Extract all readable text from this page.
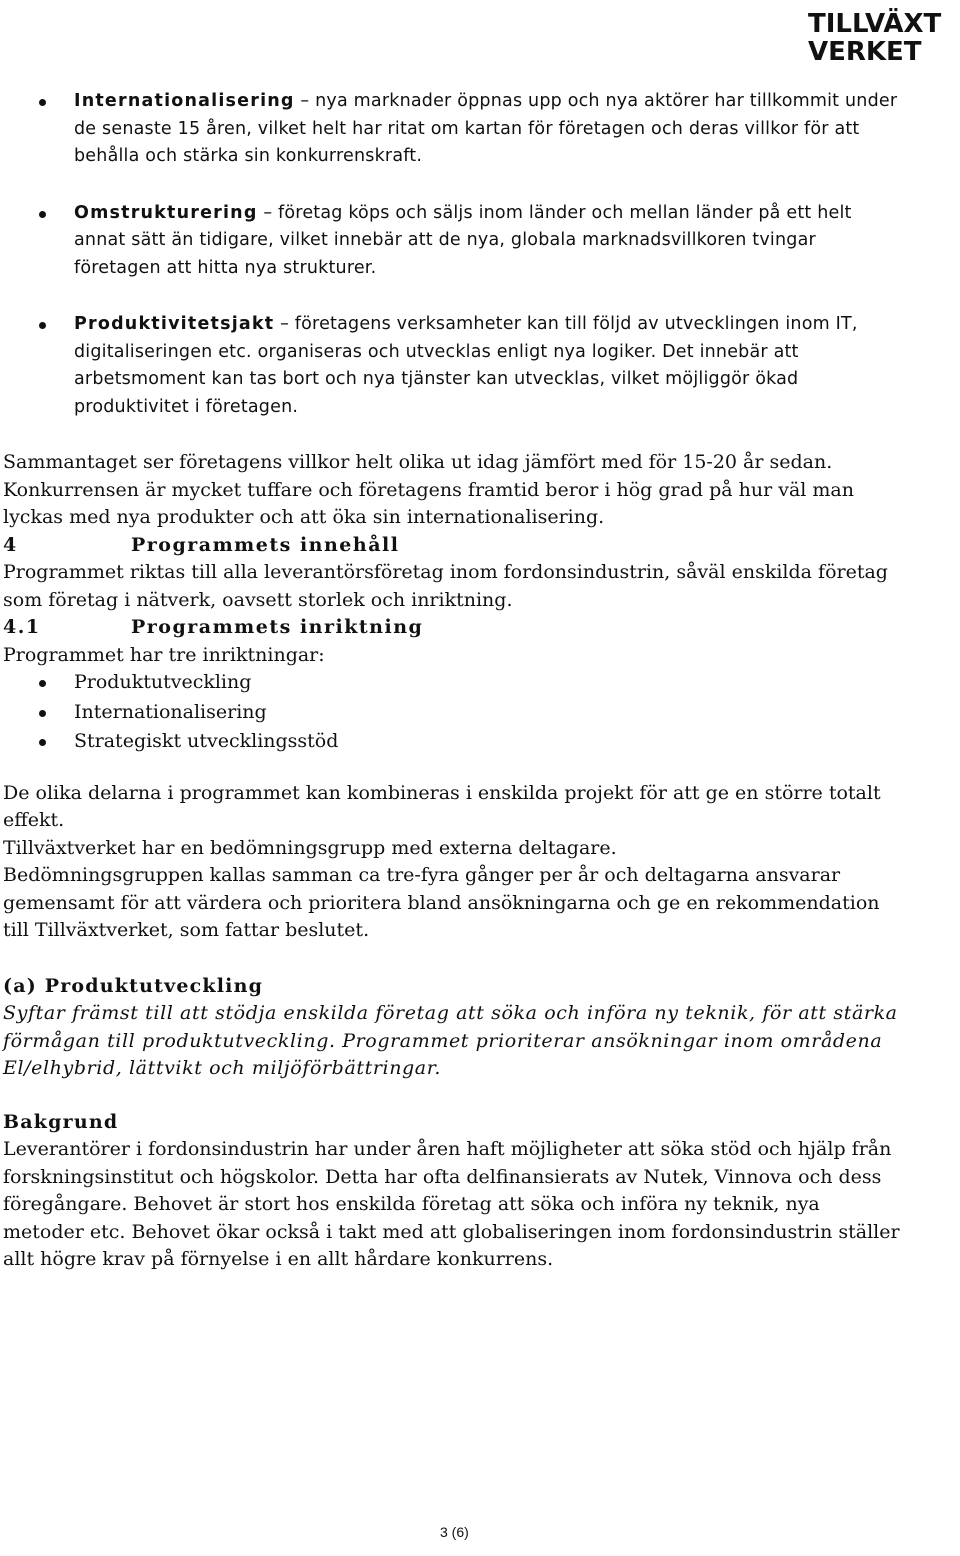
TILLVÄXT
VERKET
Internationalisering – nya marknader öppnas upp och nya aktörer har tillkommit under de senaste 15 åren, vilket helt har ritat om kartan för företagen och deras villkor för att behålla och stärka sin konkurrenskraft.
Omstrukturering – företag köps och säljs inom länder och mellan länder på ett helt annat sätt än tidigare, vilket innebär att de nya, globala marknadsvillkoren tvingar företagen att hitta nya strukturer.
Produktivitetsjakt – företagens verksamheter kan till följd av utvecklingen inom IT, digitaliseringen etc. organiseras och utvecklas enligt nya logiker. Det innebär att arbetsmoment kan tas bort och nya tjänster kan utvecklas, vilket möjliggör ökad produktivitet i företagen.

Sammantaget ser företagens villkor helt olika ut idag jämfört med för 15-20 år sedan. Konkurrensen är mycket tuffare och företagens framtid beror i hög grad på hur väl man lyckas med nya produkter och att öka sin internationalisering.

4	Programmets innehåll

Programmet riktas till alla leverantörsföretag inom fordonsindustrin, såväl enskilda företag som företag i nätverk, oavsett storlek och inriktning.

4.1	Programmets inriktning

Programmet har tre inriktningar:

Produktutveckling
Internationalisering
Strategiskt utvecklingsstöd

De olika delarna i programmet kan kombineras i enskilda projekt för att ge en större totalt effekt.

Tillväxtverket har en bedömningsgrupp med externa deltagare.

Bedömningsgruppen kallas samman ca tre-fyra gånger per år och deltagarna ansvarar gemensamt för att värdera och prioritera bland ansökningarna och ge en rekommendation till Tillväxtverket, som fattar beslutet.

(a) Produktutveckling

Syftar främst till att stödja enskilda företag att söka och införa ny teknik, för att stärka förmågan till produktutveckling. Programmet prioriterar ansökningar inom områdena El/elhybrid, lättvikt och miljöförbättringar.

Bakgrund

Leverantörer i fordonsindustrin har under åren haft möjligheter att söka stöd och hjälp från forskningsinstitut och högskolor. Detta har ofta delfinansierats av Nutek, Vinnova och dess föregångare. Behovet är stort hos enskilda företag att söka och införa ny teknik, nya metoder etc. Behovet ökar också i takt med att globaliseringen inom fordonsindustrin ställer allt högre krav på förnyelse i en allt hårdare konkurrens.

3 (6)
